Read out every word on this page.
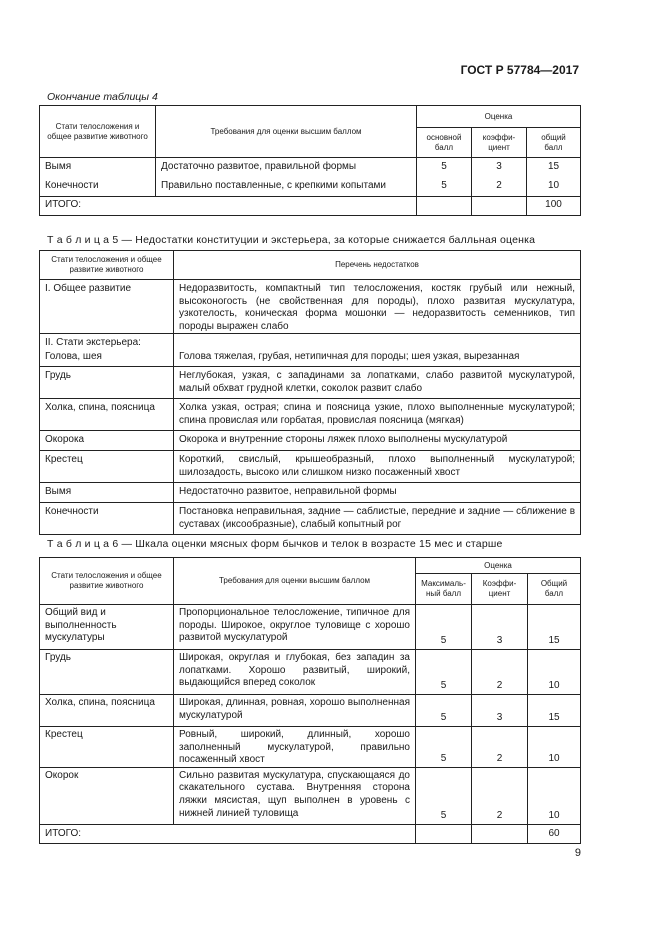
ГОСТ Р 57784—2017
Окончание таблицы 4
Стати телосложения и общее развитие животного	Требования для оценки высшим баллом	Оценка		
		основной балл	коэффи-циент	общий балл
Вымя	Достаточно развитое, правильной формы	5	3	15
Конечности	Правильно поставленные, с крепкими копытами	5	2	10
ИТОГО:				100
Т а б л и ц а 5 — Недостатки конституции и экстерьера, за которые снижается балльная оценка
Стати телосложения и общее развитие животного	Перечень недостатков
I. Общее развитие	Недоразвитость, компактный тип телосложения, костяк грубый или нежный, высоконогость (не свойственная для породы), плохо развитая мускулатура, узкотелость, коническая форма мошонки — недоразвитость семенников, тип породы выражен слабо
II. Стати экстерьера:	
Голова, шея	Голова тяжелая, грубая, нетипичная для породы; шея узкая, вырезанная
Грудь	Неглубокая, узкая, с западинами за лопатками, слабо развитой мускулатурой, малый обхват грудной клетки, соколок развит слабо
Холка, спина, поясница	Холка узкая, острая; спина и поясница узкие, плохо выполненные мускулатурой; спина провислая или горбатая, провислая поясница (мягкая)
Окорока	Окорока и внутренние стороны ляжек плохо выполнены мускулатурой
Крестец	Короткий, свислый, крышеобразный, плохо выполненный мускулатурой; шилозадость, высоко или слишком низко посаженный хвост
Вымя	Недостаточно развитое, неправильной формы
Конечности	Постановка неправильная, задние — саблистые, передние и задние — сближение в суставах (иксообразные), слабый копытный рог
Т а б л и ц а 6 — Шкала оценки мясных форм бычков и телок в возрасте 15 мес и старше
Стати телосложения и общее развитие животного	Требования для оценки высшим баллом	Оценка		
		Максималь-ный балл	Коэффи-циент	Общий балл
Общий вид и выполненность мускулатуры	Пропорциональное телосложение, типичное для породы. Широкое, округлое туловище с хорошо развитой мускулатурой	5	3	15
Грудь	Широкая, округлая и глубокая, без западин за лопатками. Хорошо развитый, широкий, выдающийся вперед соколок	5	2	10
Холка, спина, поясница	Широкая, длинная, ровная, хорошо выполненная мускулатурой	5	3	15
Крестец	Ровный, широкий, длинный, хорошо заполненный мускулатурой, правильно посаженный хвост	5	2	10
Окорок	Сильно развитая мускулатура, спускающаяся до скакательного сустава. Внутренняя сторона ляжки мясистая, щуп выполнен в уровень с нижней линией туловища	5	2	10
ИТОГО:				60
9
